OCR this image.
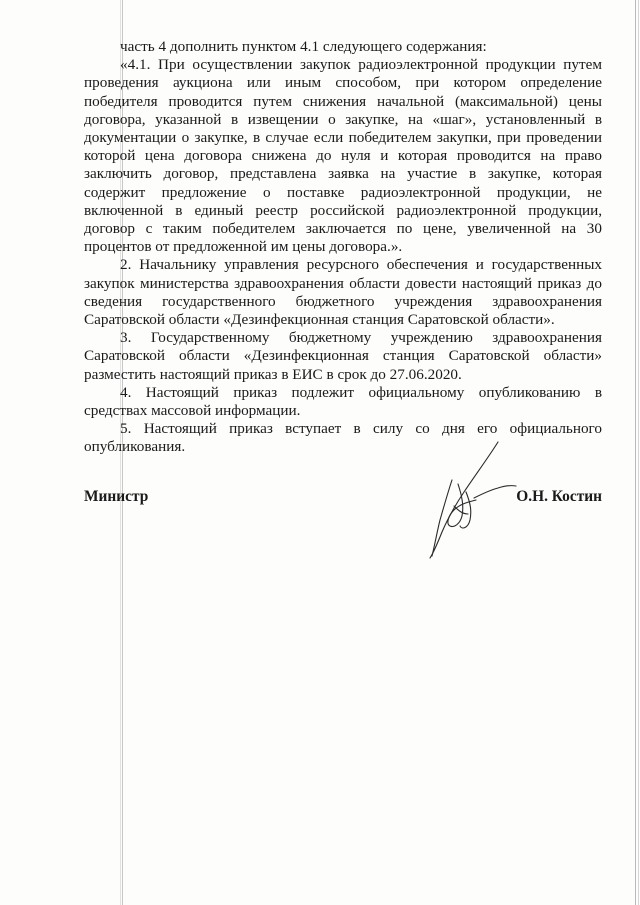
часть 4 дополнить пунктом 4.1 следующего содержания:

«4.1. При осуществлении закупок радиоэлектронной продукции путем проведения аукциона или иным способом, при котором определение победителя проводится путем снижения начальной (максимальной) цены договора, указанной в извещении о закупке, на «шаг», установленный в документации о закупке, в случае если победителем закупки, при проведении которой цена договора снижена до нуля и которая проводится на право заключить договор, представлена заявка на участие в закупке, которая содержит предложение о поставке радиоэлектронной продукции, не включенной в единый реестр российской радиоэлектронной продукции, договор с таким победителем заключается по цене, увеличенной на 30 процентов от предложенной им цены договора.».

2. Начальнику управления ресурсного обеспечения и государственных закупок министерства здравоохранения области довести настоящий приказ до сведения государственного бюджетного учреждения здравоохранения Саратовской области «Дезинфекционная станция Саратовской области».

3. Государственному бюджетному учреждению здравоохранения Саратовской области «Дезинфекционная станция Саратовской области» разместить настоящий приказ в ЕИС в срок до 27.06.2020.

4. Настоящий приказ подлежит официальному опубликованию в средствах массовой информации.

5. Настоящий приказ вступает в силу со дня его официального опубликования.

Министр	О.Н. Костин
